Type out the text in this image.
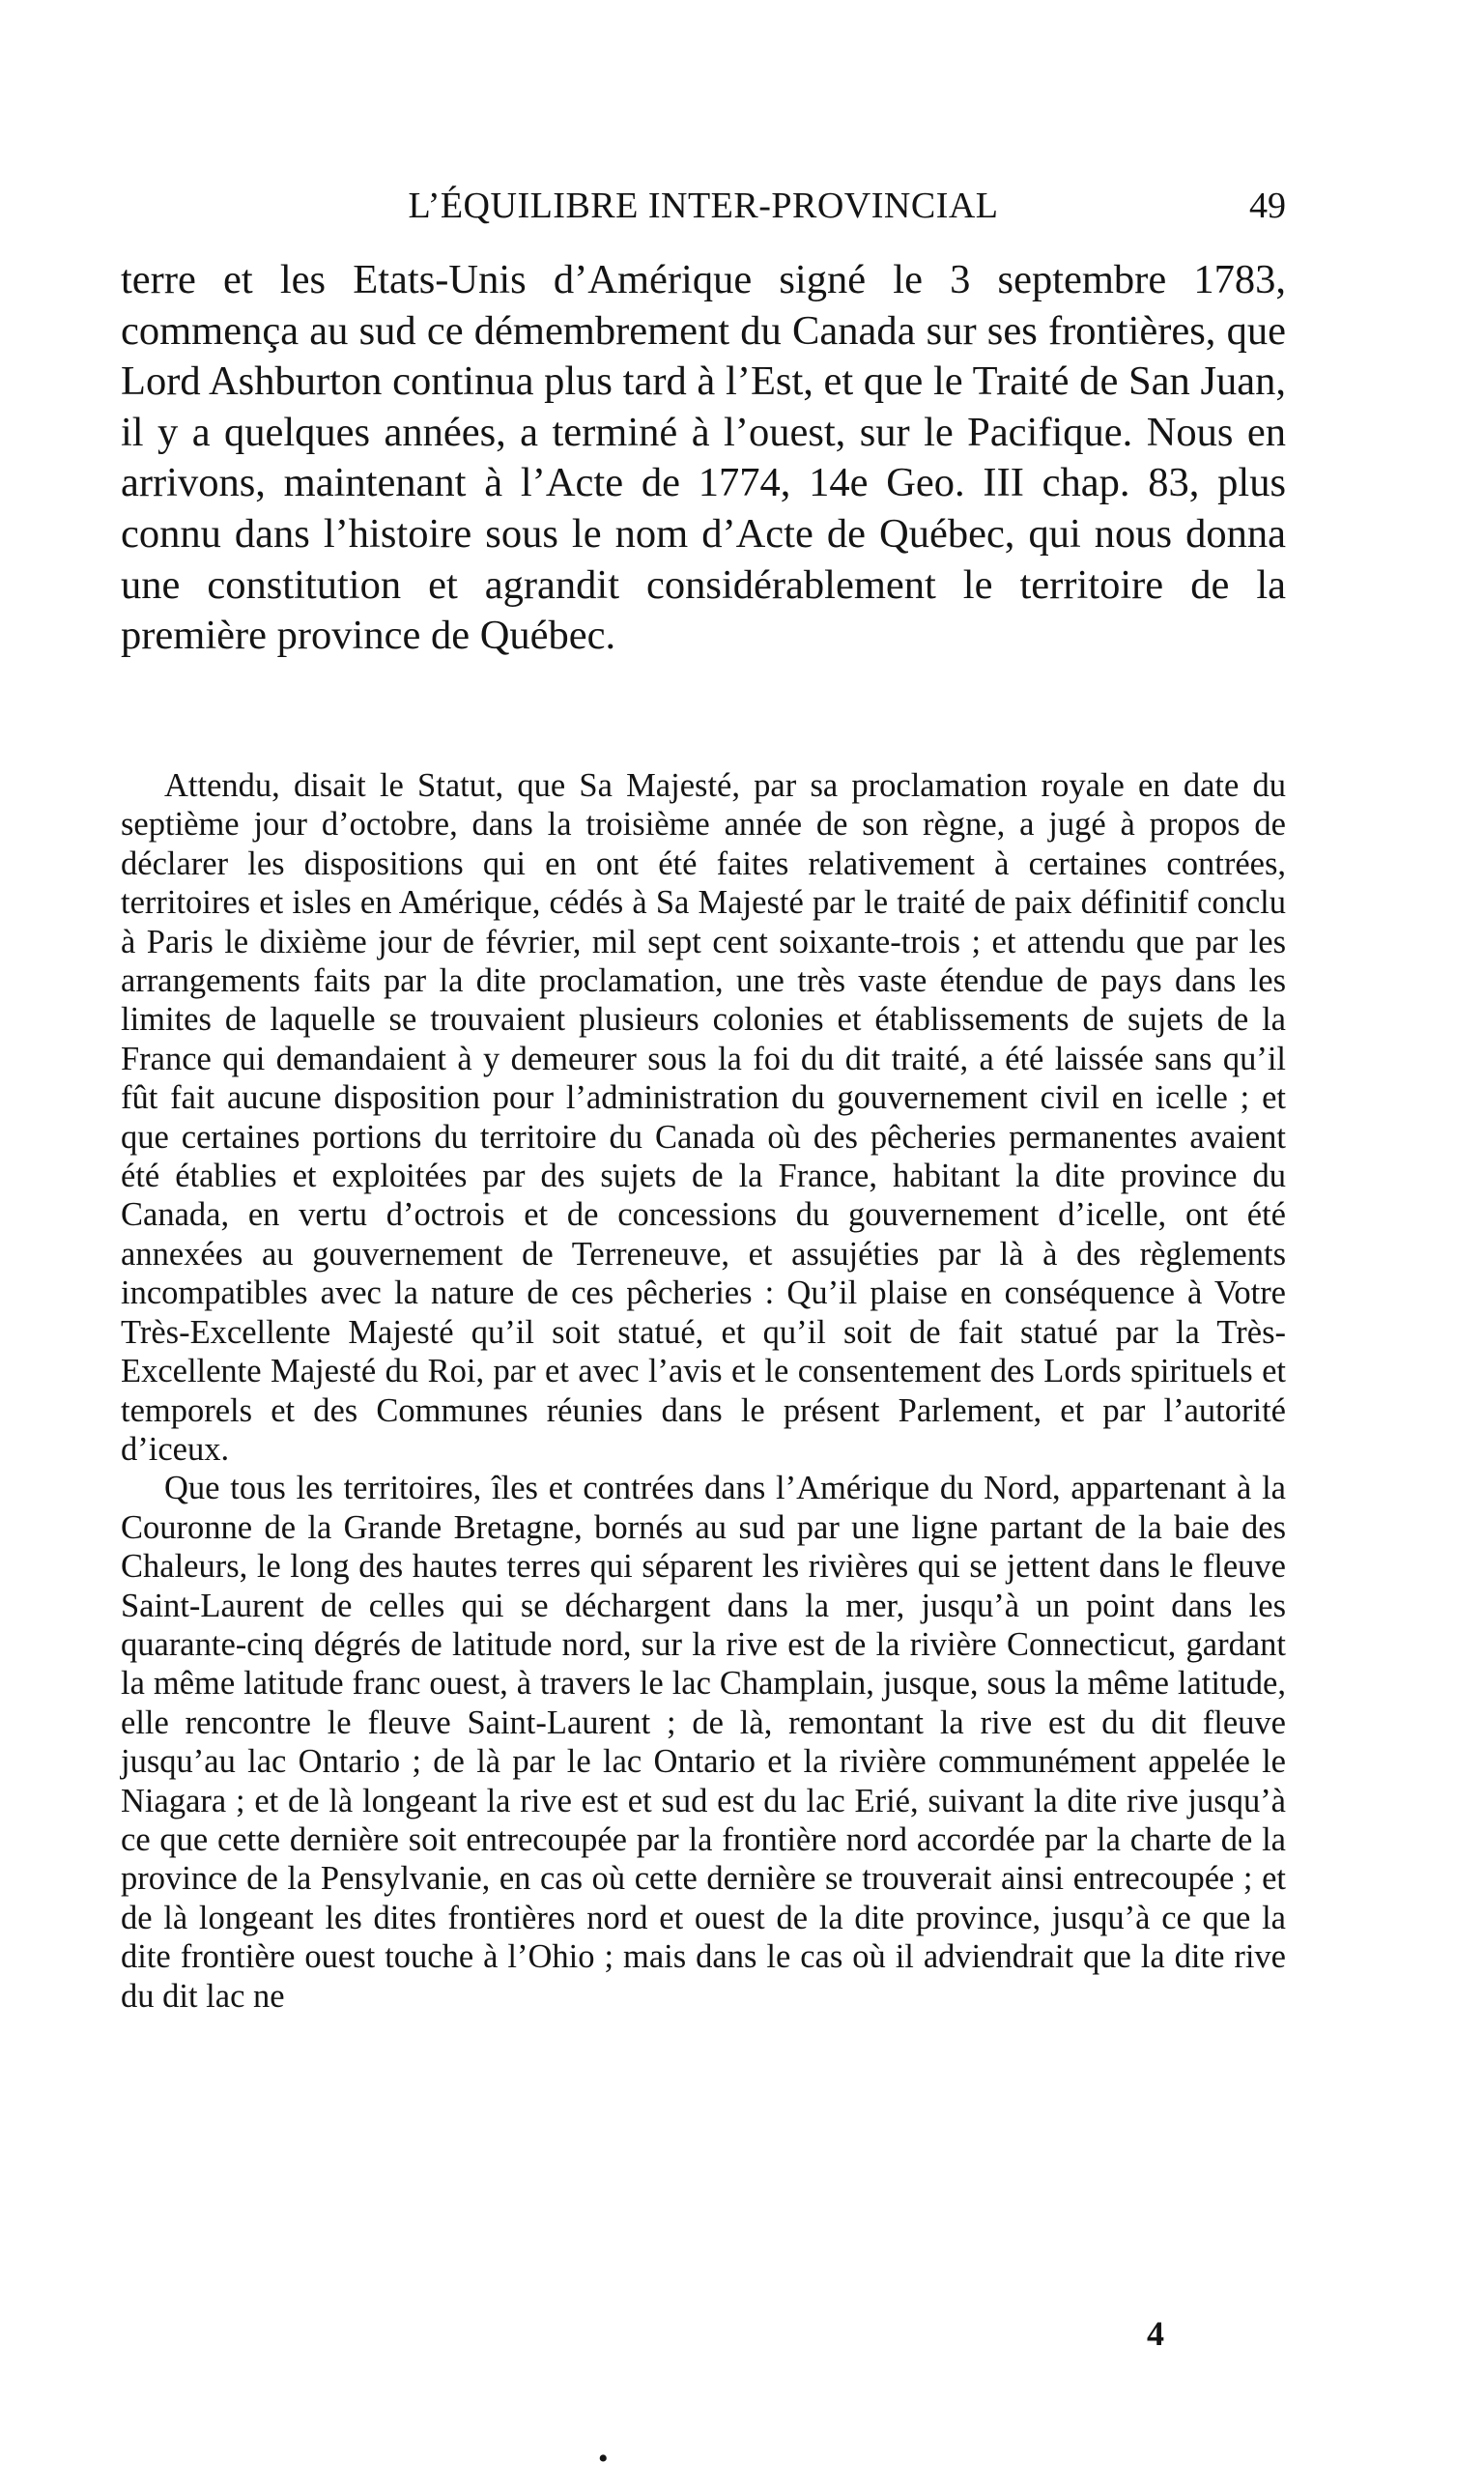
L’ÉQUILIBRE INTER-PROVINCIAL	49

terre et les Etats-Unis d’Amérique signé le 3 septembre 1783, commença au sud ce démembrement du Canada sur ses frontières, que Lord Ashburton continua plus tard à l’Est, et que le Traité de San Juan, il y a quelques années, a terminé à l’ouest, sur le Pacifique. Nous en arrivons, maintenant à l’Acte de 1774, 14e Geo. III chap. 83, plus connu dans l’histoire sous le nom d’Acte de Québec, qui nous donna une constitution et agrandit considérablement le territoire de la première province de Québec.

Attendu, disait le Statut, que Sa Majesté, par sa proclamation royale en date du septième jour d’octobre, dans la troisième année de son règne, a jugé à propos de déclarer les dispositions qui en ont été faites relativement à certaines contrées, territoires et isles en Amérique, cédés à Sa Majesté par le traité de paix définitif conclu à Paris le dixième jour de février, mil sept cent soixante-trois ; et attendu que par les arrangements faits par la dite proclamation, une très vaste étendue de pays dans les limites de laquelle se trouvaient plusieurs colonies et établissements de sujets de la France qui demandaient à y demeurer sous la foi du dit traité, a été laissée sans qu’il fût fait aucune disposition pour l’administration du gouvernement civil en icelle ; et que certaines portions du territoire du Canada où des pêcheries permanentes avaient été établies et exploitées par des sujets de la France, habitant la dite province du Canada, en vertu d’octrois et de concessions du gouvernement d’icelle, ont été annexées au gouvernement de Terreneuve, et assujéties par là à des règlements incompatibles avec la nature de ces pêcheries : Qu’il plaise en conséquence à Votre Très-Excellente Majesté qu’il soit statué, et qu’il soit de fait statué par la Très-Excellente Majesté du Roi, par et avec l’avis et le consentement des Lords spirituels et temporels et des Communes réunies dans le présent Parlement, et par l’autorité d’iceux.

Que tous les territoires, îles et contrées dans l’Amérique du Nord, appartenant à la Couronne de la Grande Bretagne, bornés au sud par une ligne partant de la baie des Chaleurs, le long des hautes terres qui séparent les rivières qui se jettent dans le fleuve Saint-Laurent de celles qui se déchargent dans la mer, jusqu’à un point dans les quarante-cinq dégrés de latitude nord, sur la rive est de la rivière Connecticut, gardant la même latitude franc ouest, à travers le lac Champlain, jusque, sous la même latitude, elle rencontre le fleuve Saint-Laurent ; de là, remontant la rive est du dit fleuve jusqu’au lac Ontario ; de là par le lac Ontario et la rivière communément appelée le Niagara ; et de là longeant la rive est et sud est du lac Erié, suivant la dite rive jusqu’à ce que cette dernière soit entrecoupée par la frontière nord accordée par la charte de la province de la Pensylvanie, en cas où cette dernière se trouverait ainsi entrecoupée ; et de là longeant les dites frontières nord et ouest de la dite province, jusqu’à ce que la dite frontière ouest touche à l’Ohio ; mais dans le cas où il adviendrait que la dite rive du dit lac ne

4
•
